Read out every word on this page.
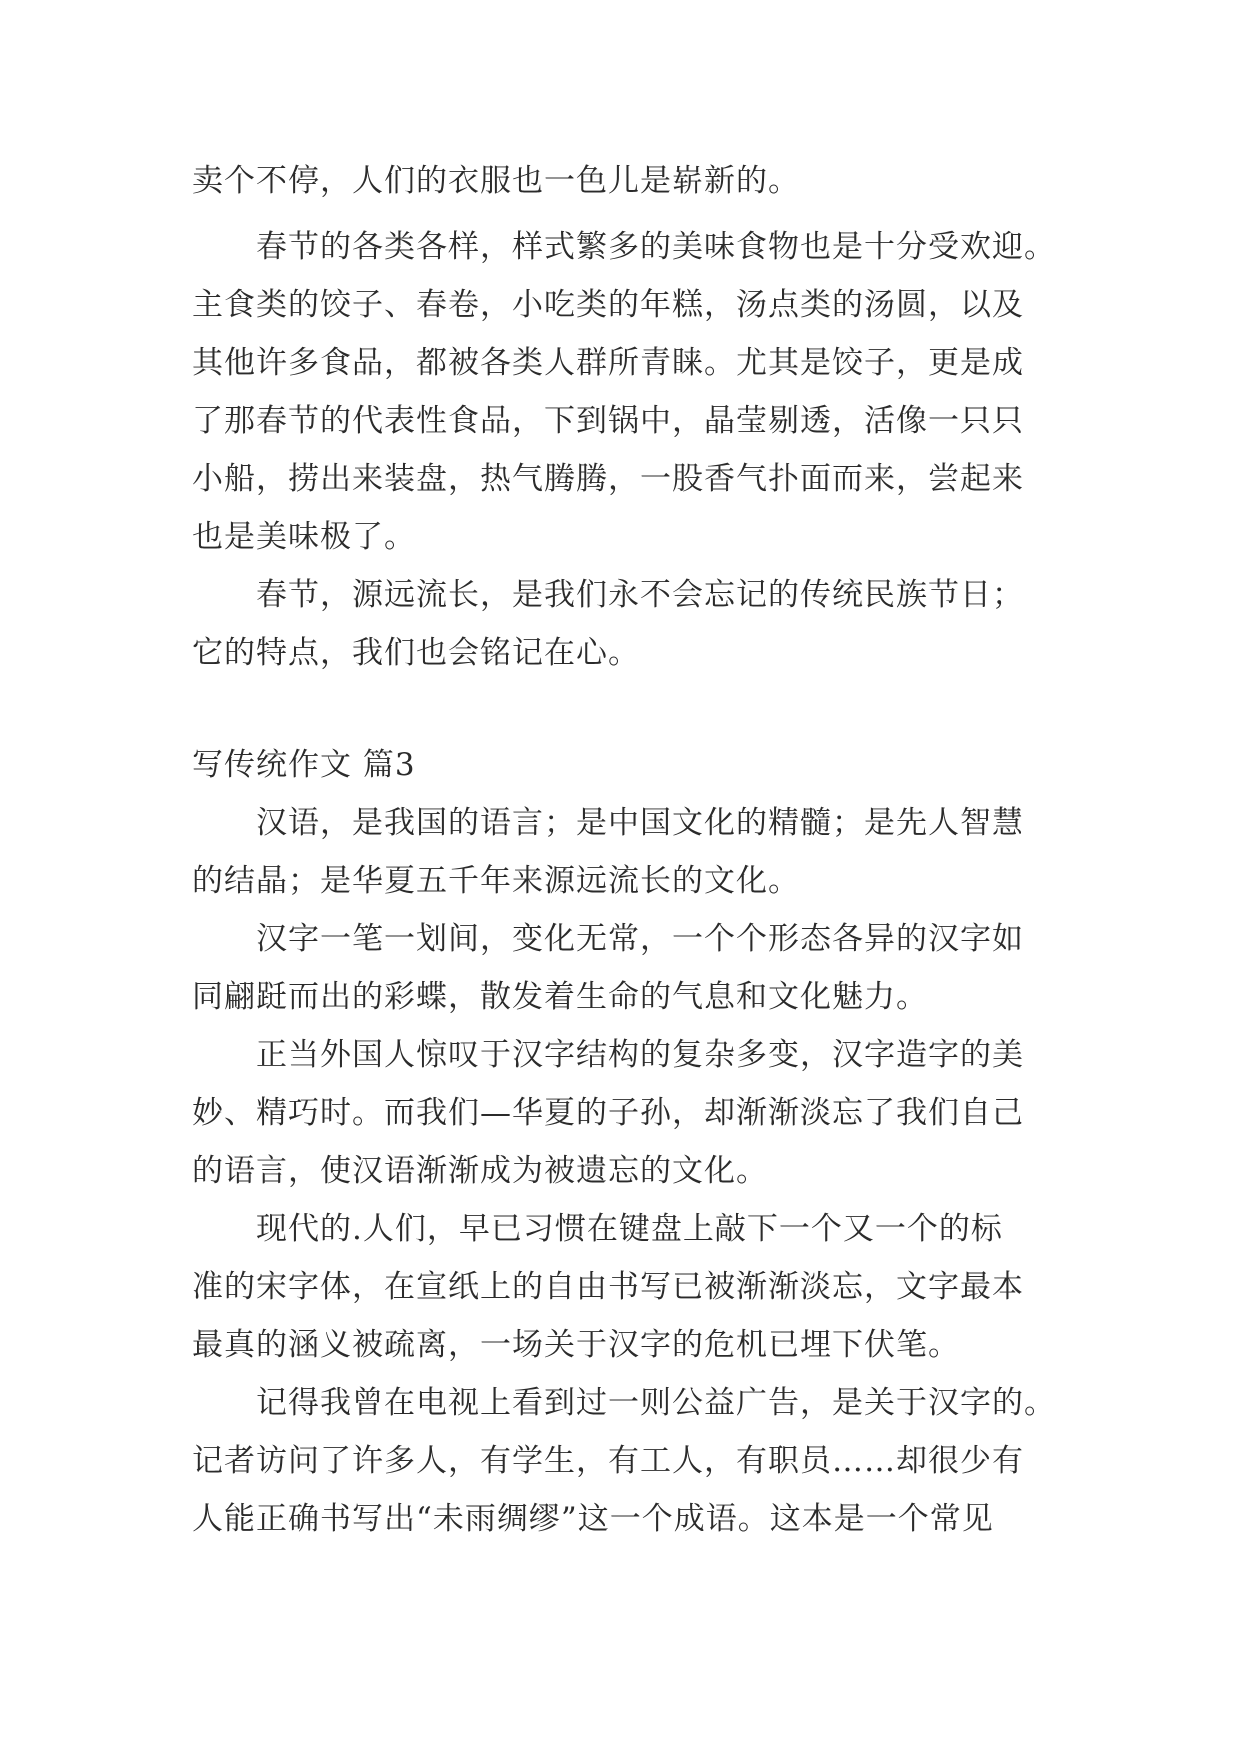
卖个不停，人们的衣服也一色儿是崭新的。
春节的各类各样，样式繁多的美味食物也是十分受欢迎。
主食类的饺子、春卷，小吃类的年糕，汤点类的汤圆，以及
其他许多食品，都被各类人群所青睐。尤其是饺子，更是成
了那春节的代表性食品，下到锅中，晶莹剔透，活像一只只
小船，捞出来装盘，热气腾腾，一股香气扑面而来，尝起来
也是美味极了。
春节，源远流长，是我们永不会忘记的传统民族节日；
它的特点，我们也会铭记在心。
写传统作文 篇3
汉语，是我国的语言；是中国文化的精髓；是先人智慧
的结晶；是华夏五千年来源远流长的文化。
汉字一笔一划间，变化无常，一个个形态各异的汉字如
同翩跹而出的彩蝶，散发着生命的气息和文化魅力。
正当外国人惊叹于汉字结构的复杂多变，汉字造字的美
妙、精巧时。而我们—华夏的子孙，却渐渐淡忘了我们自己
的语言，使汉语渐渐成为被遗忘的文化。
现代的.人们，早已习惯在键盘上敲下一个又一个的标
准的宋字体，在宣纸上的自由书写已被渐渐淡忘，文字最本
最真的涵义被疏离，一场关于汉字的危机已埋下伏笔。
记得我曾在电视上看到过一则公益广告，是关于汉字的。
记者访问了许多人，有学生，有工人，有职员……却很少有
人能正确书写出“未雨绸缪”这一个成语。这本是一个常见
